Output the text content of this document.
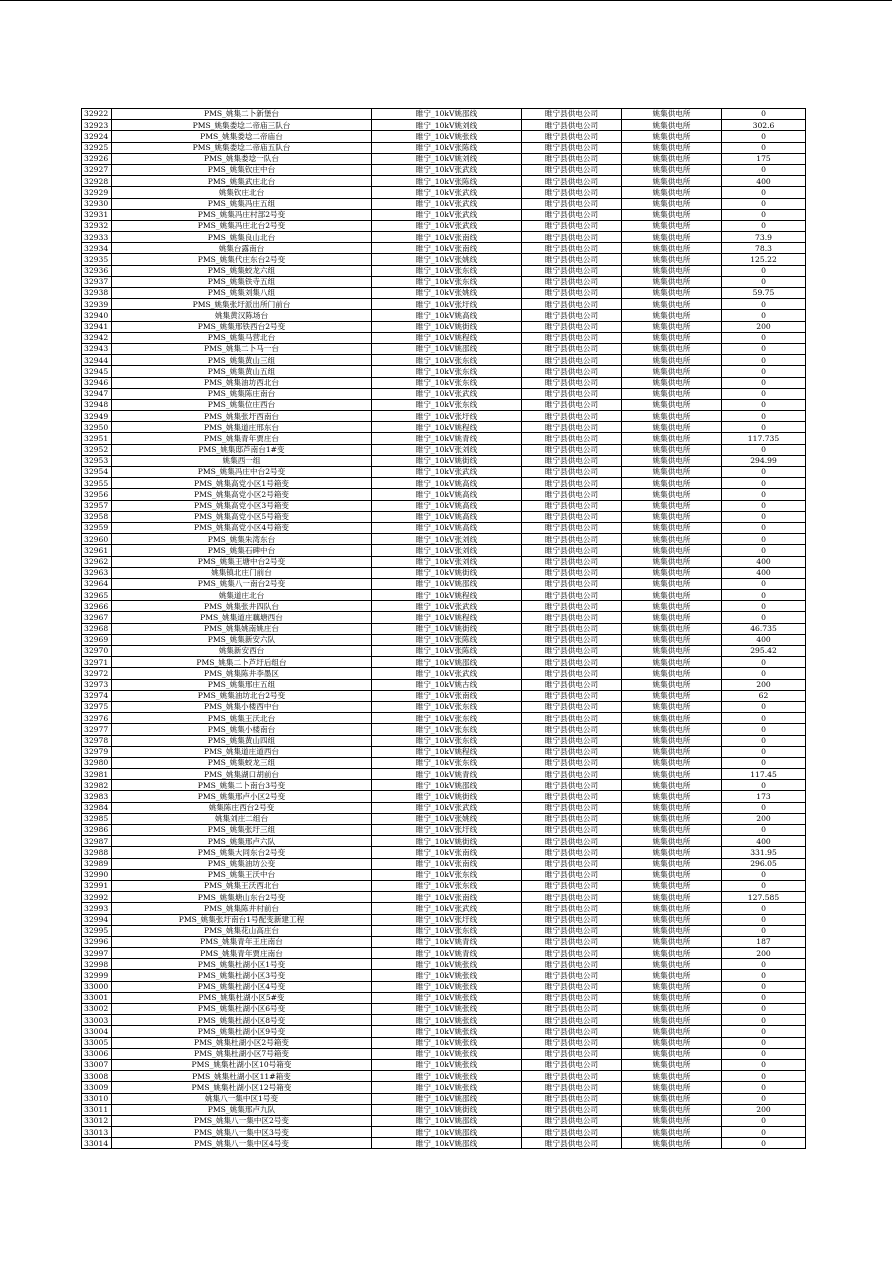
32922	PMS_姚集二卜新堡台	睢宁_10kV姚邵线	睢宁县供电公司	姚集供电所	0
32923	PMS_姚集娄埝二帝庙三队台	睢宁_10kV姚刘线	睢宁县供电公司	姚集供电所	302.6
32924	PMS_姚集娄埝二帝庙台	睢宁_10kV姚张线	睢宁县供电公司	姚集供电所	0
32925	PMS_姚集娄埝二帝庙五队台	睢宁_10kV张陈线	睢宁县供电公司	姚集供电所	0
32926	PMS_姚集娄埝一队台	睢宁_10kV姚刘线	睢宁县供电公司	姚集供电所	175
32927	PMS_姚集钦庄中台	睢宁_10kV张武线	睢宁县供电公司	姚集供电所	0
32928	PMS_姚集武庄北台	睢宁_10kV张陈线	睢宁县供电公司	姚集供电所	400
32929	姚集钦庄北台	睢宁_10kV张武线	睢宁县供电公司	姚集供电所	0
32930	PMS_姚集冯庄五组	睢宁_10kV张武线	睢宁县供电公司	姚集供电所	0
32931	PMS_姚集冯庄村部2号变	睢宁_10kV张武线	睢宁县供电公司	姚集供电所	0
32932	PMS_姚集冯庄北台2号变	睢宁_10kV张武线	睢宁县供电公司	姚集供电所	0
32933	PMS_姚集良山北台	睢宁_10kV张南线	睢宁县供电公司	姚集供电所	73.9
32934	姚集台露南台	睢宁_10kV张南线	睢宁县供电公司	姚集供电所	78.3
32935	PMS_姚集代庄东台2号变	睢宁_10kV张姚线	睢宁县供电公司	姚集供电所	125.22
32936	PMS_姚集蛟龙六组	睢宁_10kV张东线	睢宁县供电公司	姚集供电所	0
32937	PMS_姚集铁寺五组	睢宁_10kV张东线	睢宁县供电公司	姚集供电所	0
32938	PMS_姚集刘集八组	睢宁_10kV张姚线	睢宁县供电公司	姚集供电所	59.75
32939	PMS_姚集张圩派出所门前台	睢宁_10kV张圩线	睢宁县供电公司	姚集供电所	0
32940	姚集黄汉陈场台	睢宁_10kV姚高线	睢宁县供电公司	姚集供电所	0
32941	PMS_姚集邢铁西台2号变	睢宁_10kV姚街线	睢宁县供电公司	姚集供电所	200
32942	PMS_姚集马营北台	睢宁_10kV姚程线	睢宁县供电公司	姚集供电所	0
32943	PMS_姚集二卜马一台	睢宁_10kV姚邵线	睢宁县供电公司	姚集供电所	0
32944	PMS_姚集黄山三组	睢宁_10kV张东线	睢宁县供电公司	姚集供电所	0
32945	PMS_姚集黄山五组	睢宁_10kV张东线	睢宁县供电公司	姚集供电所	0
32946	PMS_姚集油坊西北台	睢宁_10kV张东线	睢宁县供电公司	姚集供电所	0
32947	PMS_姚集陈庄南台	睢宁_10kV张武线	睢宁县供电公司	姚集供电所	0
32948	PMS_姚集位庄西台	睢宁_10kV张东线	睢宁县供电公司	姚集供电所	0
32949	PMS_姚集张圩西南台	睢宁_10kV张圩线	睢宁县供电公司	姚集供电所	0
32950	PMS_姚集道庄邢东台	睢宁_10kV姚程线	睢宁县供电公司	姚集供电所	0
32951	PMS_姚集青年贾庄台	睢宁_10kV姚青线	睢宁县供电公司	姚集供电所	117.735
32952	PMS_姚集邸芦南台1#变	睢宁_10kV张刘线	睢宁县供电公司	姚集供电所	0
32953	姚集西一组	睢宁_10kV姚街线	睢宁县供电公司	姚集供电所	294.99
32954	PMS_姚集冯庄中台2号变	睢宁_10kV张武线	睢宁县供电公司	姚集供电所	0
32955	PMS_姚集高党小区1号箱变	睢宁_10kV姚高线	睢宁县供电公司	姚集供电所	0
32956	PMS_姚集高党小区2号箱变	睢宁_10kV姚高线	睢宁县供电公司	姚集供电所	0
32957	PMS_姚集高党小区3号箱变	睢宁_10kV姚高线	睢宁县供电公司	姚集供电所	0
32958	PMS_姚集高党小区5号箱变	睢宁_10kV姚高线	睢宁县供电公司	姚集供电所	0
32959	PMS_姚集高党小区4号箱变	睢宁_10kV姚高线	睢宁县供电公司	姚集供电所	0
32960	PMS_姚集朱湾东台	睢宁_10kV张刘线	睢宁县供电公司	姚集供电所	0
32961	PMS_姚集石碑中台	睢宁_10kV张刘线	睢宁县供电公司	姚集供电所	0
32962	PMS_姚集王塘中台2号变	睢宁_10kV张刘线	睢宁县供电公司	姚集供电所	400
32963	姚集镇北庄门前台	睢宁_10kV姚街线	睢宁县供电公司	姚集供电所	400
32964	PMS_姚集八一南台2号变	睢宁_10kV姚邵线	睢宁县供电公司	姚集供电所	0
32965	姚集道庄北台	睢宁_10kV姚程线	睢宁县供电公司	姚集供电所	0
32966	PMS_姚集张井四队台	睢宁_10kV张武线	睢宁县供电公司	姚集供电所	0
32967	PMS_姚集道庄藕塘西台	睢宁_10kV姚程线	睢宁县供电公司	姚集供电所	0
32968	PMS_姚集姚南姚庄台	睢宁_10kV姚街线	睢宁县供电公司	姚集供电所	46.735
32969	PMS_姚集新安六队	睢宁_10kV张陈线	睢宁县供电公司	姚集供电所	400
32970	姚集新安西台	睢宁_10kV张陈线	睢宁县供电公司	姚集供电所	295.42
32971	PMS_姚集二卜芦圩后组台	睢宁_10kV姚邵线	睢宁县供电公司	姚集供电所	0
32972	PMS_姚集陈井李墨区	睢宁_10kV张武线	睢宁县供电公司	姚集供电所	0
32973	PMS_姚集邢庄五组	睢宁_10kV姚古线	睢宁县供电公司	姚集供电所	200
32974	PMS_姚集油坊北台2号变	睢宁_10kV张南线	睢宁县供电公司	姚集供电所	62
32975	PMS_姚集小楼西中台	睢宁_10kV张东线	睢宁县供电公司	姚集供电所	0
32976	PMS_姚集王沃北台	睢宁_10kV张东线	睢宁县供电公司	姚集供电所	0
32977	PMS_姚集小楼南台	睢宁_10kV张东线	睢宁县供电公司	姚集供电所	0
32978	PMS_姚集黄山四组	睢宁_10kV张东线	睢宁县供电公司	姚集供电所	0
32979	PMS_姚集道庄道西台	睢宁_10kV姚程线	睢宁县供电公司	姚集供电所	0
32980	PMS_姚集蛟龙三组	睢宁_10kV张东线	睢宁县供电公司	姚集供电所	0
32981	PMS_姚集湖口胡前台	睢宁_10kV姚青线	睢宁县供电公司	姚集供电所	117.45
32982	PMS_姚集二卜南台3号变	睢宁_10kV姚邵线	睢宁县供电公司	姚集供电所	0
32983	PMS_姚集邢卢小区2号变	睢宁_10kV姚街线	睢宁县供电公司	姚集供电所	173
32984	姚集陈庄西台2号变	睢宁_10kV张武线	睢宁县供电公司	姚集供电所	0
32985	姚集刘庄二组台	睢宁_10kV张姚线	睢宁县供电公司	姚集供电所	200
32986	PMS_姚集张圩三组	睢宁_10kV张圩线	睢宁县供电公司	姚集供电所	0
32987	PMS_姚集邢卢六队	睢宁_10kV姚街线	睢宁县供电公司	姚集供电所	400
32988	PMS_姚集大同东台2号变	睢宁_10kV张南线	睢宁县供电公司	姚集供电所	331.95
32989	PMS_姚集油坊公变	睢宁_10kV张南线	睢宁县供电公司	姚集供电所	296.05
32990	PMS_姚集王沃中台	睢宁_10kV张东线	睢宁县供电公司	姚集供电所	0
32991	PMS_姚集王沃西北台	睢宁_10kV张东线	睢宁县供电公司	姚集供电所	0
32992	PMS_姚集塘山东台2号变	睢宁_10kV张南线	睢宁县供电公司	姚集供电所	127.585
32993	PMS_姚集陈井村前台	睢宁_10kV张武线	睢宁县供电公司	姚集供电所	0
32994	PMS_姚集张圩南台1号配变新建工程	睢宁_10kV张圩线	睢宁县供电公司	姚集供电所	0
32995	PMS_姚集花山高庄台	睢宁_10kV张东线	睢宁县供电公司	姚集供电所	0
32996	PMS_姚集青年王庄南台	睢宁_10kV姚青线	睢宁县供电公司	姚集供电所	187
32997	PMS_姚集青年贾庄南台	睢宁_10kV姚青线	睢宁县供电公司	姚集供电所	200
32998	PMS_姚集杜湖小区1号变	睢宁_10kV姚张线	睢宁县供电公司	姚集供电所	0
32999	PMS_姚集杜湖小区3号变	睢宁_10kV姚张线	睢宁县供电公司	姚集供电所	0
33000	PMS_姚集杜湖小区4号变	睢宁_10kV姚张线	睢宁县供电公司	姚集供电所	0
33001	PMS_姚集杜湖小区5#变	睢宁_10kV姚张线	睢宁县供电公司	姚集供电所	0
33002	PMS_姚集杜湖小区6号变	睢宁_10kV姚张线	睢宁县供电公司	姚集供电所	0
33003	PMS_姚集杜湖小区8号变	睢宁_10kV姚张线	睢宁县供电公司	姚集供电所	0
33004	PMS_姚集杜湖小区9号变	睢宁_10kV姚张线	睢宁县供电公司	姚集供电所	0
33005	PMS_姚集杜湖小区2号箱变	睢宁_10kV姚张线	睢宁县供电公司	姚集供电所	0
33006	PMS_姚集杜湖小区7号箱变	睢宁_10kV姚张线	睢宁县供电公司	姚集供电所	0
33007	PMS_姚集杜湖小区10号箱变	睢宁_10kV姚张线	睢宁县供电公司	姚集供电所	0
33008	PMS_姚集杜湖小区11#箱变	睢宁_10kV姚张线	睢宁县供电公司	姚集供电所	0
33009	PMS_姚集杜湖小区12号箱变	睢宁_10kV姚张线	睢宁县供电公司	姚集供电所	0
33010	姚集八一集中区1号变	睢宁_10kV姚邵线	睢宁县供电公司	姚集供电所	0
33011	PMS_姚集邢卢九队	睢宁_10kV姚街线	睢宁县供电公司	姚集供电所	200
33012	PMS_姚集八一集中区2号变	睢宁_10kV姚邵线	睢宁县供电公司	姚集供电所	0
33013	PMS_姚集八一集中区3号变	睢宁_10kV姚邵线	睢宁县供电公司	姚集供电所	0
33014	PMS_姚集八一集中区4号变	睢宁_10kV姚邵线	睢宁县供电公司	姚集供电所	0
